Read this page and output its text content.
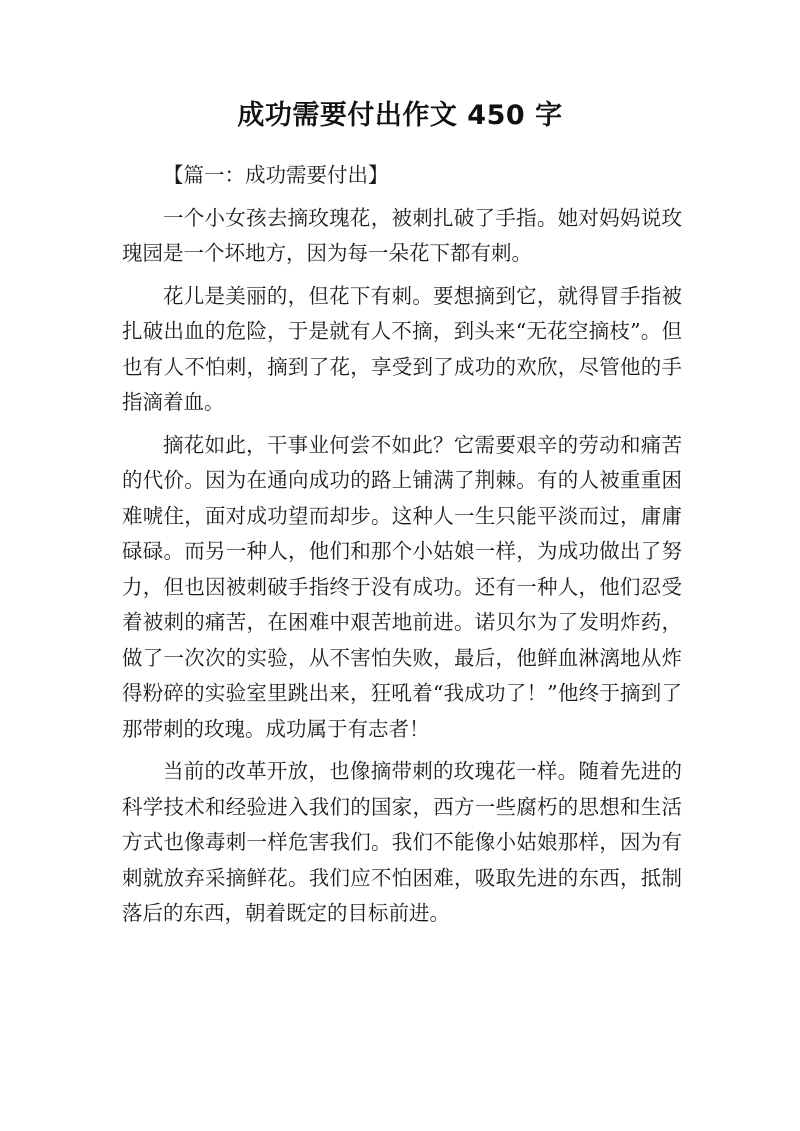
成功需要付出作文 450 字

【篇一：成功需要付出】

一个小女孩去摘玫瑰花，被刺扎破了手指。她对妈妈说玫瑰园是一个坏地方，因为每一朵花下都有刺。

花儿是美丽的，但花下有刺。要想摘到它，就得冒手指被扎破出血的危险，于是就有人不摘，到头来“无花空摘枝”。但也有人不怕刺，摘到了花，享受到了成功的欢欣，尽管他的手指滴着血。

摘花如此，干事业何尝不如此？它需要艰辛的劳动和痛苦的代价。因为在通向成功的路上铺满了荆棘。有的人被重重困难唬住，面对成功望而却步。这种人一生只能平淡而过，庸庸碌碌。而另一种人，他们和那个小姑娘一样，为成功做出了努力，但也因被刺破手指终于没有成功。还有一种人，他们忍受着被刺的痛苦，在困难中艰苦地前进。诺贝尔为了发明炸药，做了一次次的实验，从不害怕失败，最后，他鲜血淋漓地从炸得粉碎的实验室里跳出来，狂吼着“我成功了！”他终于摘到了那带刺的玫瑰。成功属于有志者！

当前的改革开放，也像摘带刺的玫瑰花一样。随着先进的科学技术和经验进入我们的国家，西方一些腐朽的思想和生活方式也像毒刺一样危害我们。我们不能像小姑娘那样，因为有刺就放弃采摘鲜花。我们应不怕困难，吸取先进的东西，抵制落后的东西，朝着既定的目标前进。
